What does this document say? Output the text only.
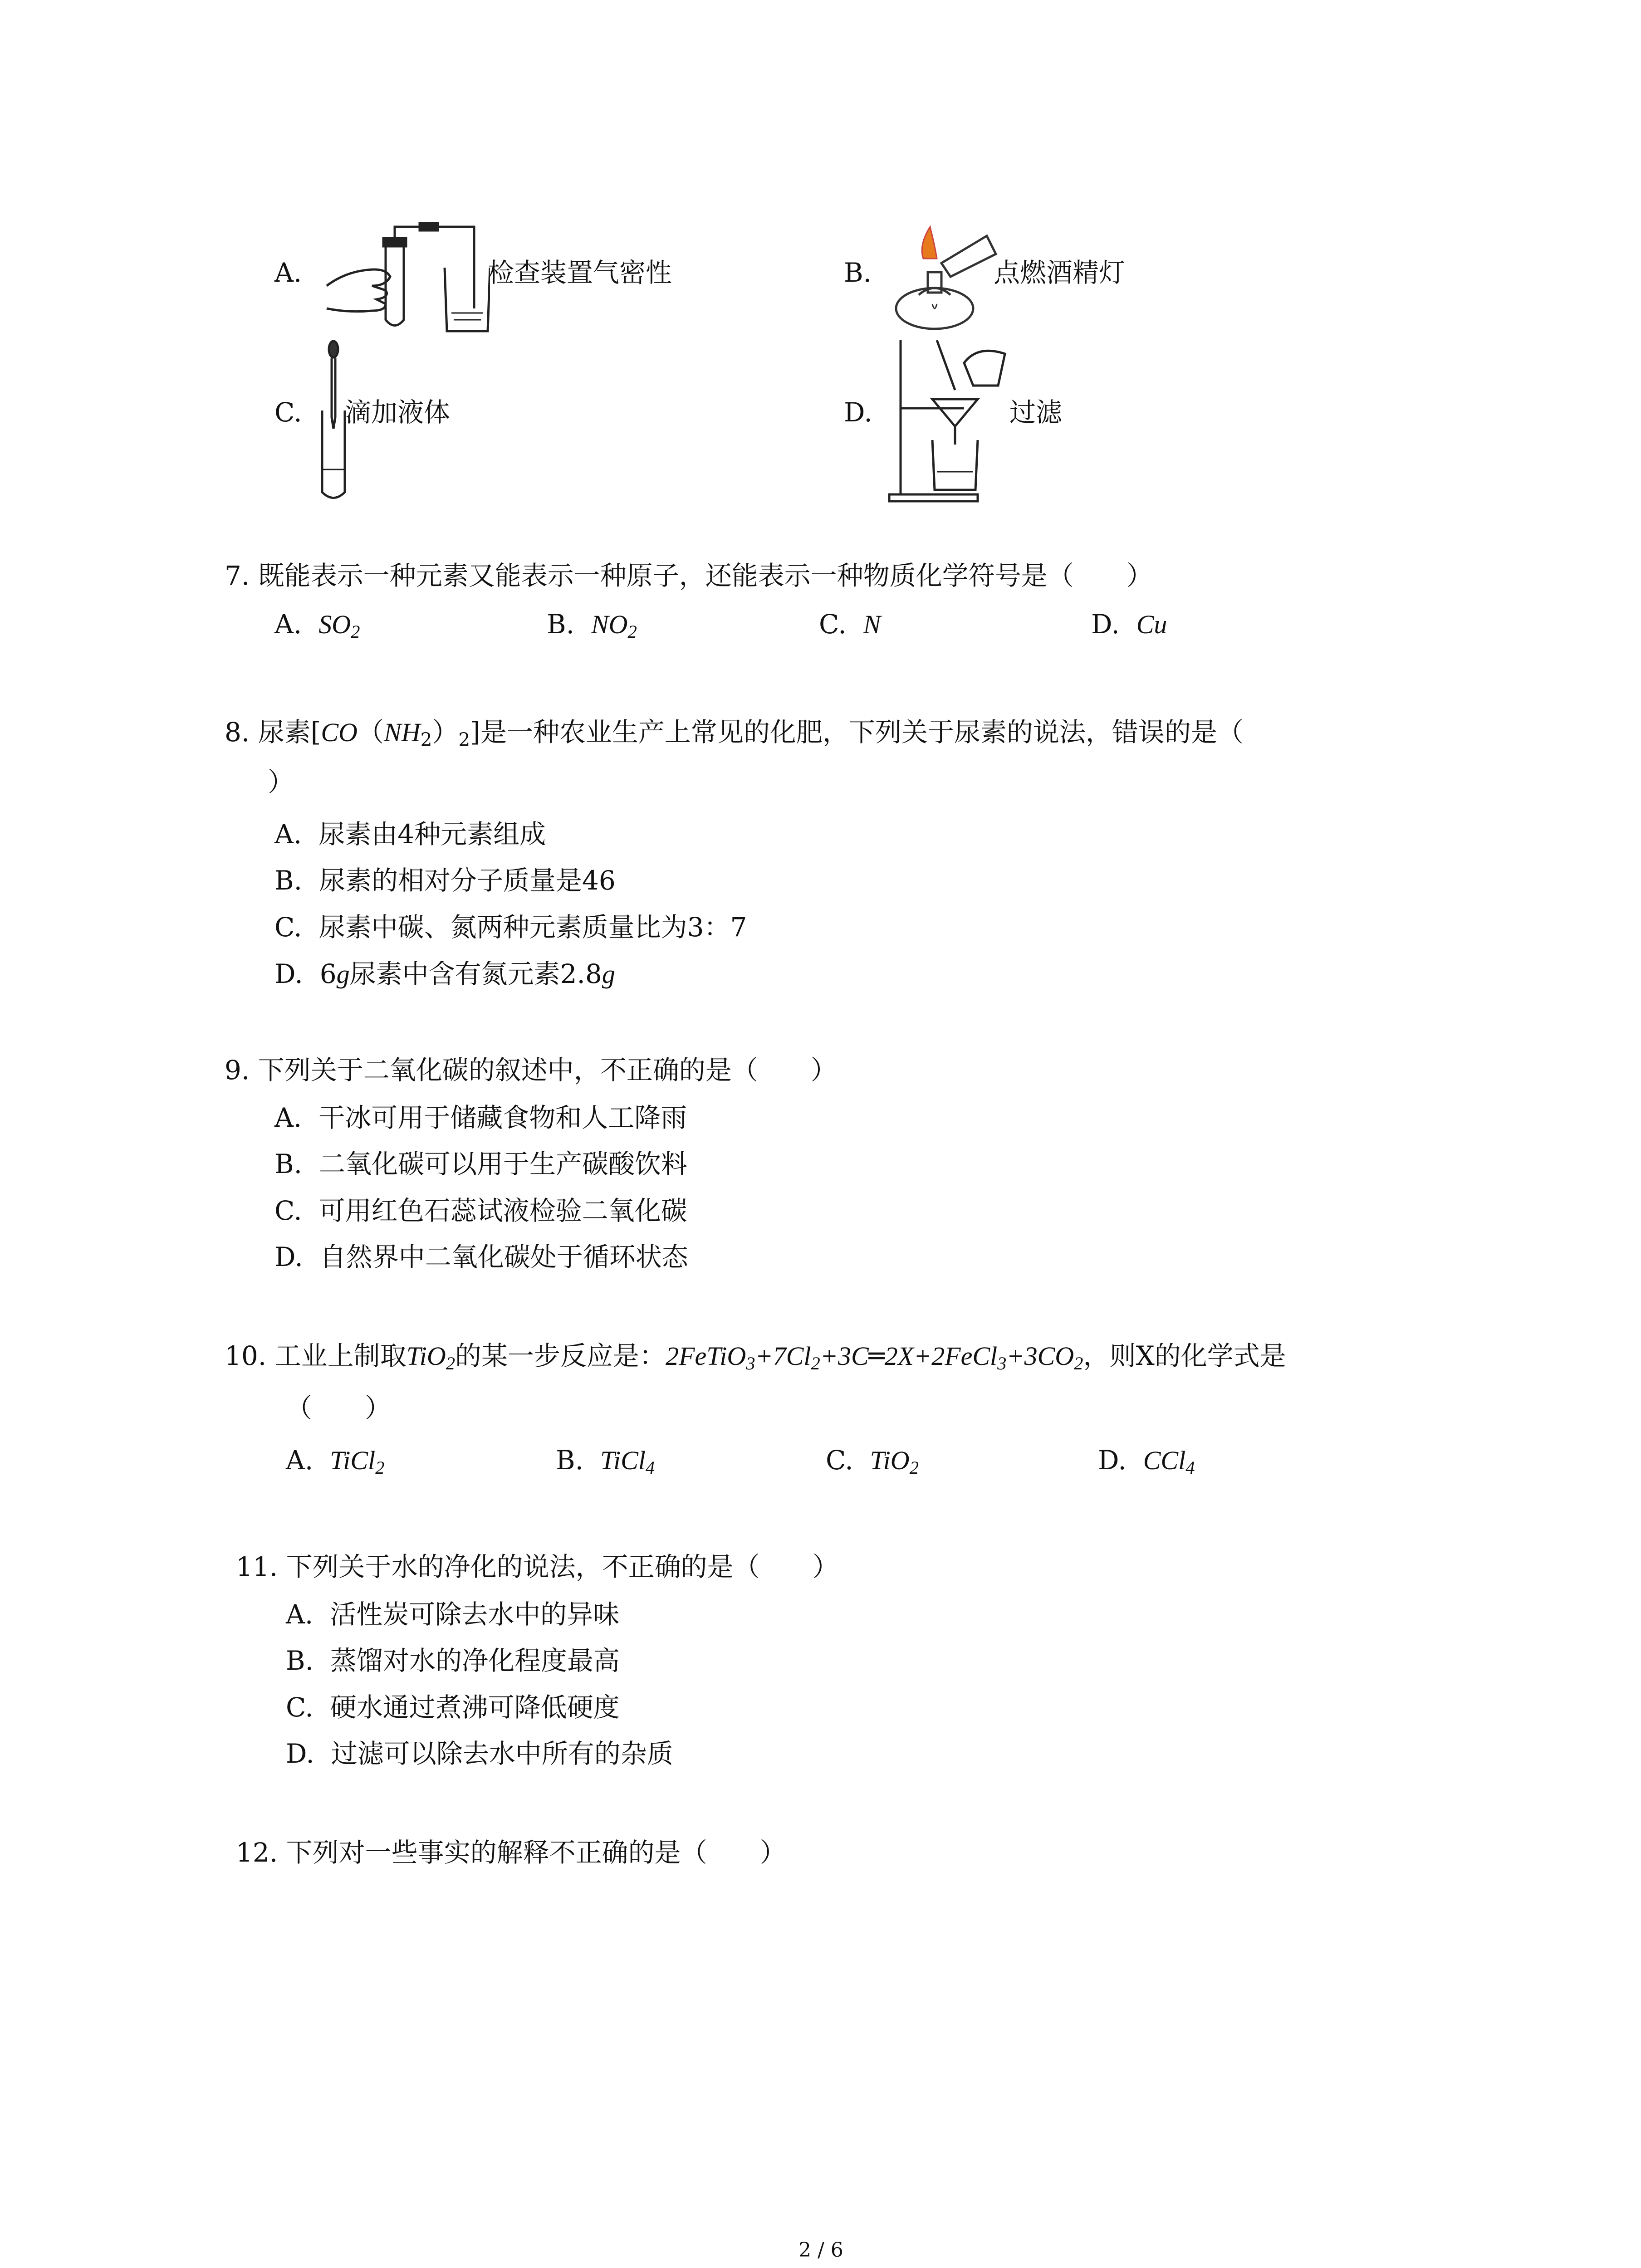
A.	检查装置气密性	B.	点燃酒精灯
C. 滴加液体	D.	过滤
7. 既能表示一种元素又能表示一种原子，还能表示一种物质化学符号是（　　）
A. $SO_2$	B. $NO_2$	C. N	D. Cu
8. 尿素$[CO(NH_2)_2]$是一种农业生产上常见的化肥，下列关于尿素的说法，错误的是（
）
A. 尿素由4种元素组成
B. 尿素的相对分子质量是46
C. 尿素中碳、氮两种元素质量比为3：7
D. 6g尿素中含有氮元素2.8g
9. 下列关于二氧化碳的叙述中，不正确的是（　　）
A. 干冰可用于储藏食物和人工降雨
B. 二氧化碳可以用于生产碳酸饮料
C. 可用红色石蕊试液检验二氧化碳
D. 自然界中二氧化碳处于循环状态
10. 工业上制取TiO$_2$的某一步反应是：$2FeTiO_3+7Cl_2+3C═2X+2FeCl_3+3CO_2$，则X的化学式是
（　　）
A. TiCl$_2$	B. TiCl$_4$	C. TiO$_2$	D. CCl$_4$
11. 下列关于水的净化的说法，不正确的是（　　）
A. 活性炭可除去水中的异味
B. 蒸馏对水的净化程度最高
C. 硬水通过煮沸可降低硬度
D. 过滤可以除去水中所有的杂质
12. 下列对一些事实的解释不正确的是（　　）
2 / 6
